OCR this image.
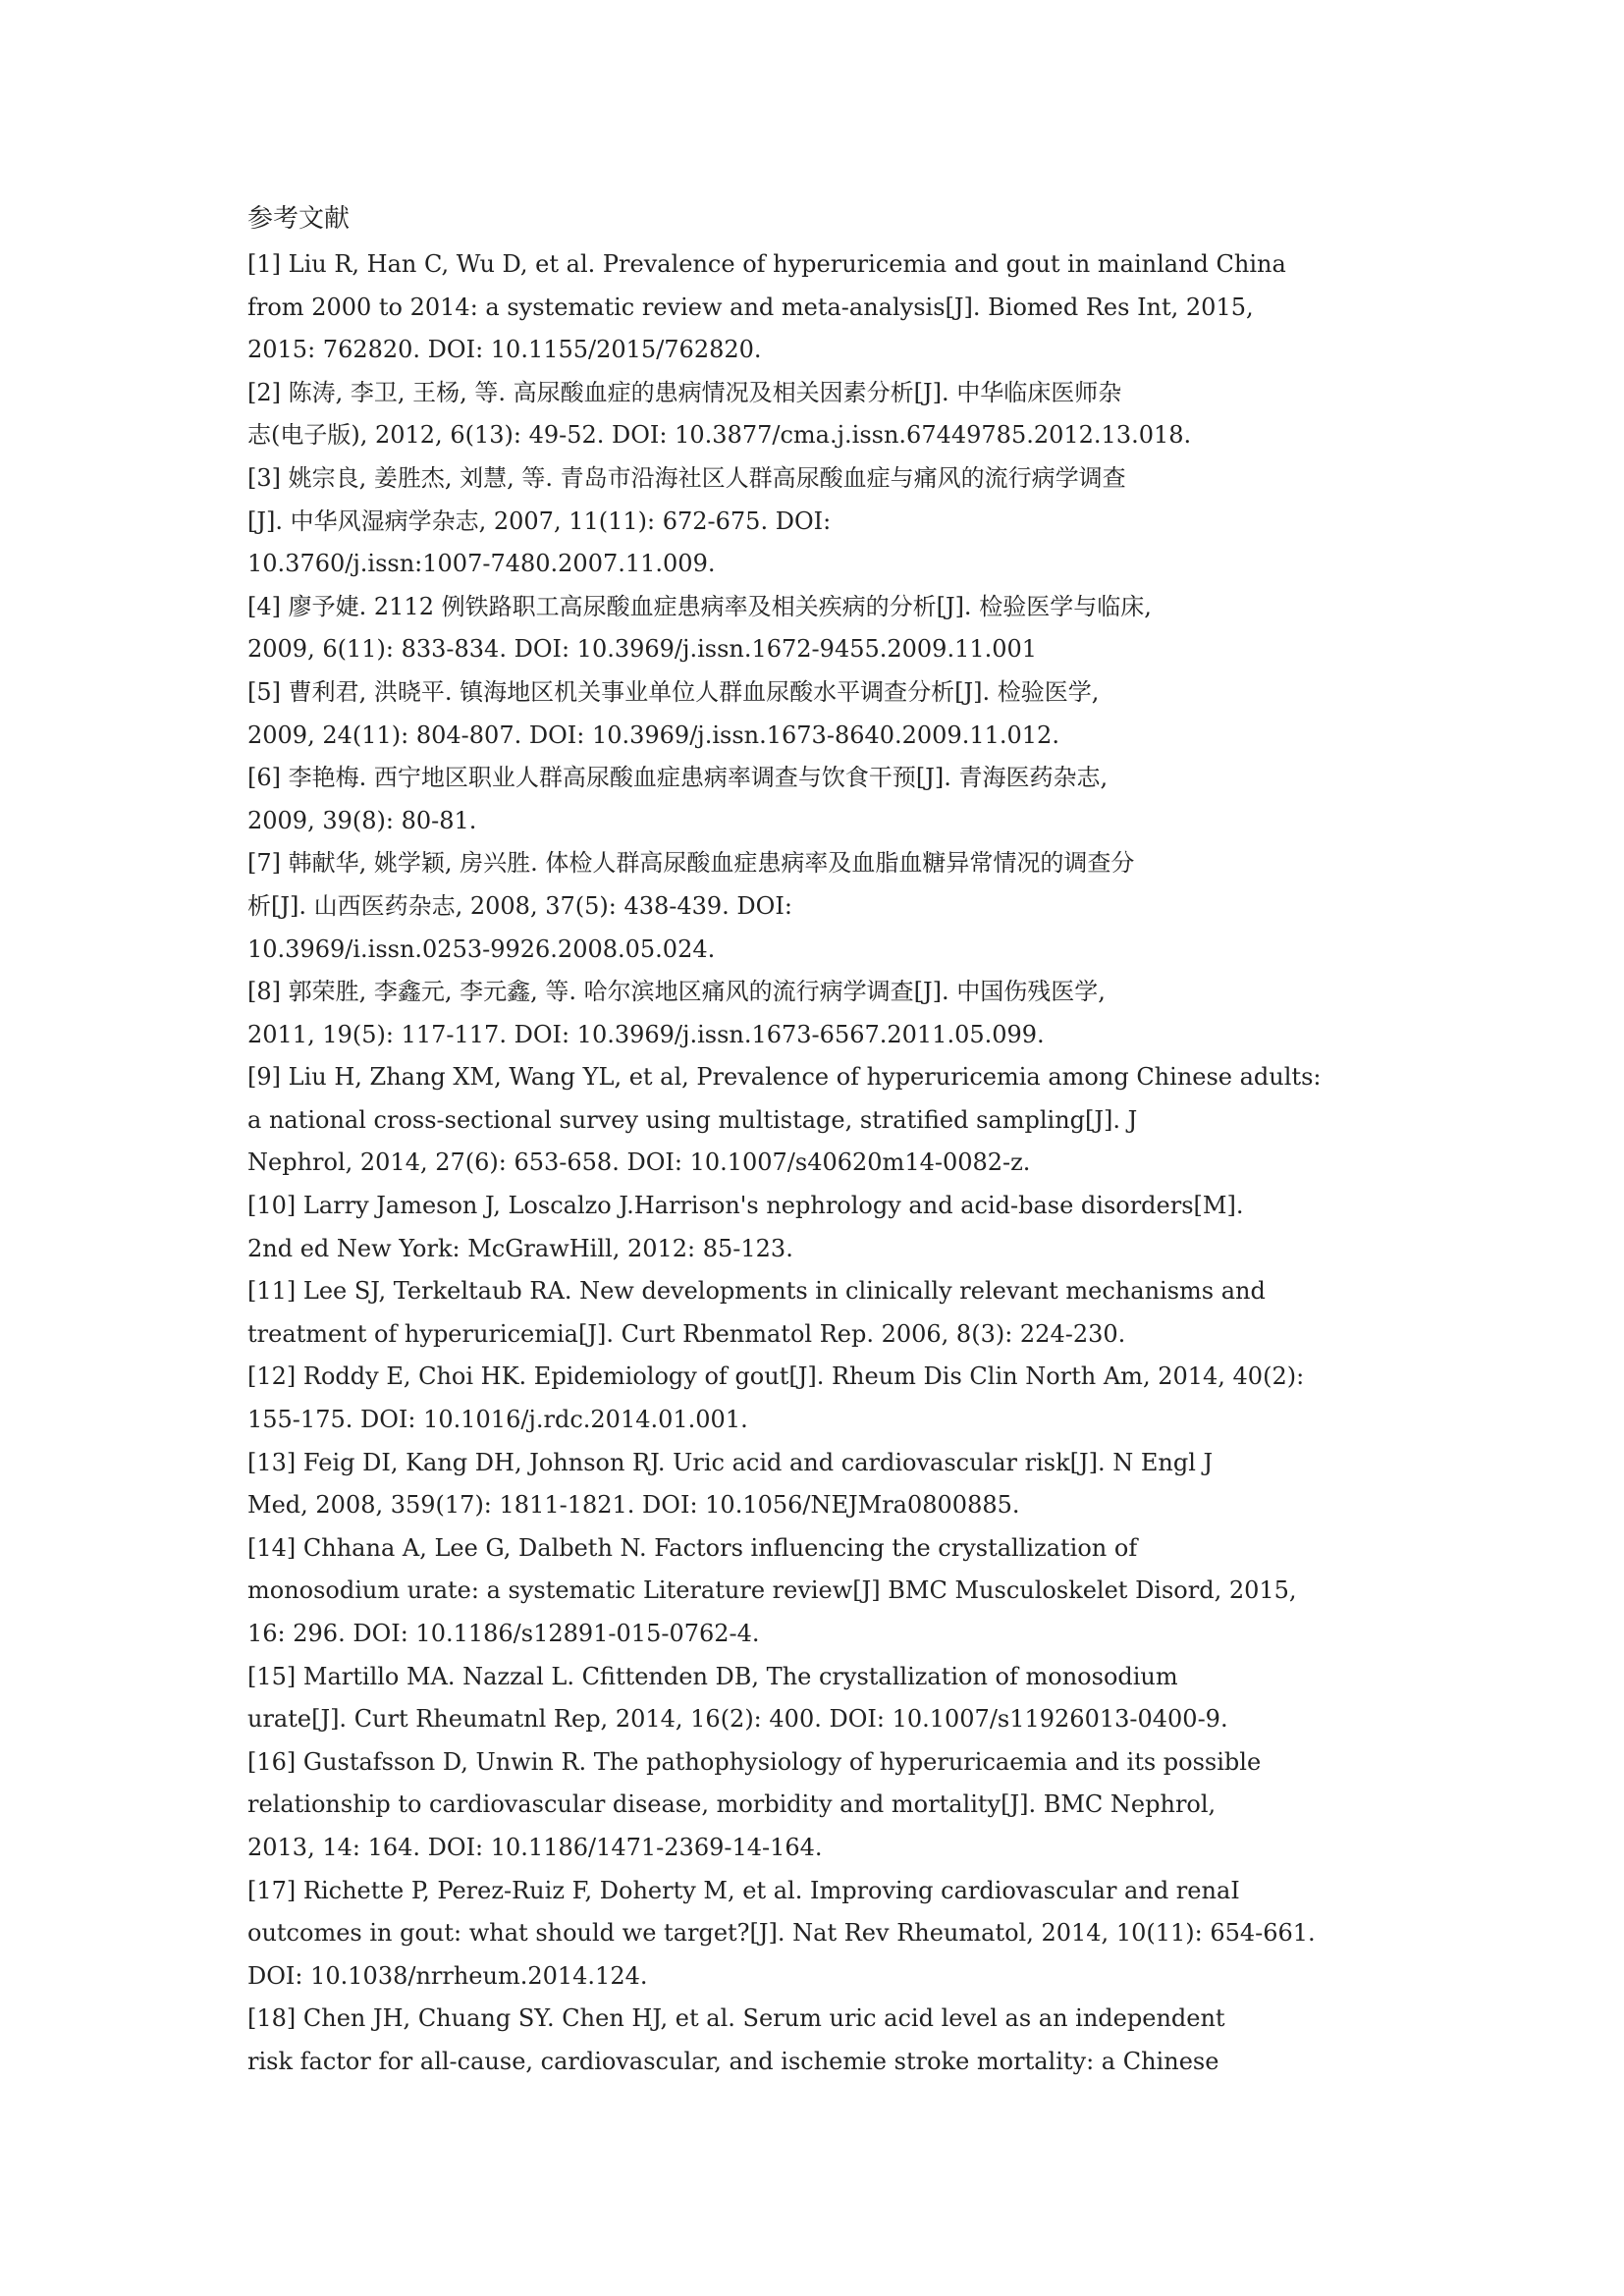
参考文献
[1] Liu R, Han C, Wu D, et al. Prevalence of hyperuricemia and gout in mainland China
from 2000 to 2014: a systematic review and meta-analysis[J]. Biomed Res Int, 2015,
2015: 762820. DOI: 10.1155/2015/762820.
[2] 陈涛, 李卫, 王杨, 等. 高尿酸血症的患病情况及相关因素分析[J]. 中华临床医师杂
志(电子版), 2012, 6(13): 49-52. DOI: 10.3877/cma.j.issn.67449785.2012.13.018.
[3] 姚宗良, 姜胜杰, 刘慧, 等. 青岛市沿海社区人群高尿酸血症与痛风的流行病学调查
[J]. 中华风湿病学杂志, 2007, 11(11): 672-675. DOI:
10.3760/j.issn:1007-7480.2007.11.009.
[4] 廖予婕. 2112 例铁路职工高尿酸血症患病率及相关疾病的分析[J]. 检验医学与临床,
2009, 6(11): 833-834. DOI: 10.3969/j.issn.1672-9455.2009.11.001
[5] 曹利君, 洪晓平. 镇海地区机关事业单位人群血尿酸水平调查分析[J]. 检验医学,
2009, 24(11): 804-807. DOI: 10.3969/j.issn.1673-8640.2009.11.012.
[6] 李艳梅. 西宁地区职业人群高尿酸血症患病率调查与饮食干预[J]. 青海医药杂志,
2009, 39(8): 80-81.
[7] 韩献华, 姚学颖, 房兴胜. 体检人群高尿酸血症患病率及血脂血糖异常情况的调查分
析[J]. 山西医药杂志, 2008, 37(5): 438-439. DOI:
10.3969/i.issn.0253-9926.2008.05.024.
[8] 郭荣胜, 李鑫元, 李元鑫, 等. 哈尔滨地区痛风的流行病学调查[J]. 中国伤残医学,
2011, 19(5): 117-117. DOI: 10.3969/j.issn.1673-6567.2011.05.099.
[9] Liu H, Zhang XM, Wang YL, et al, Prevalence of hyperuricemia among Chinese adults:
a national cross-sectional survey using multistage, stratified sampling[J]. J
Nephrol, 2014, 27(6): 653-658. DOI: 10.1007/s40620m14-0082-z.
[10] Larry Jameson J, Loscalzo J.Harrison's nephrology and acid-base disorders[M].
2nd ed New York: McGrawHill, 2012: 85-123.
[11] Lee SJ, Terkeltaub RA. New developments in clinically relevant mechanisms and
treatment of hyperuricemia[J]. Curt Rbenmatol Rep. 2006, 8(3): 224-230.
[12] Roddy E, Choi HK. Epidemiology of gout[J]. Rheum Dis Clin North Am, 2014, 40(2):
155-175. DOI: 10.1016/j.rdc.2014.01.001.
[13] Feig DI, Kang DH, Johnson RJ. Uric acid and cardiovascular risk[J]. N Engl J
Med, 2008, 359(17): 1811-1821. DOI: 10.1056/NEJMra0800885.
[14] Chhana A, Lee G, Dalbeth N. Factors influencing the crystallization of
monosodium urate: a systematic Literature review[J] BMC Musculoskelet Disord, 2015,
16: 296. DOI: 10.1186/s12891-015-0762-4.
[15] Martillo MA. Nazzal L. Cfittenden DB, The crystallization of monosodium
urate[J]. Curt Rheumatnl Rep, 2014, 16(2): 400. DOI: 10.1007/s11926013-0400-9.
[16] Gustafsson D, Unwin R. The pathophysiology of hyperuricaemia and its possible
relationship to cardiovascular disease, morbidity and mortality[J]. BMC Nephrol,
2013, 14: 164. DOI: 10.1186/1471-2369-14-164.
[17] Richette P, Perez-Ruiz F, Doherty M, et al. Improving cardiovascular and renaI
outcomes in gout: what should we target?[J]. Nat Rev Rheumatol, 2014, 10(11): 654-661.
DOI: 10.1038/nrrheum.2014.124.
[18] Chen JH, Chuang SY. Chen HJ, et al. Serum uric acid level as an independent
risk factor for all-cause, cardiovascular, and ischemie stroke mortality: a Chinese
